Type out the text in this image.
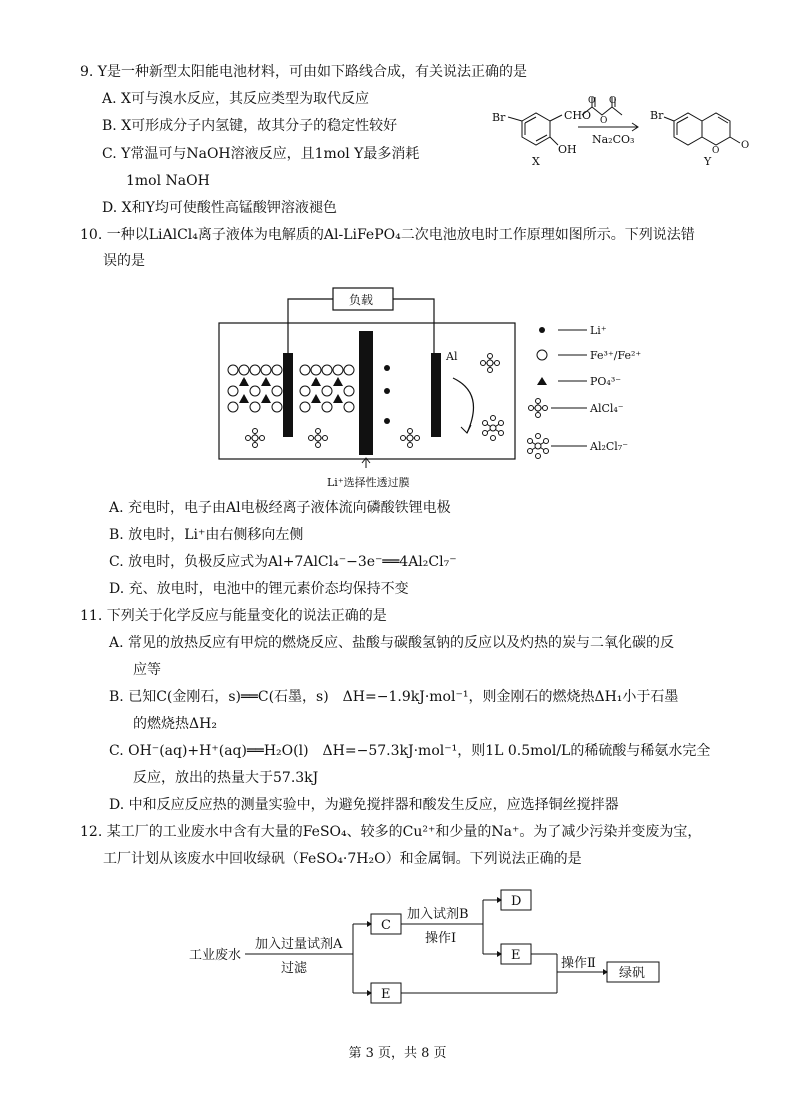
9. Y是一种新型太阳能电池材料，可由如下路线合成，有关说法正确的是
A. X可与溴水反应，其反应类型为取代反应
B. X可形成分子内氢键，故其分子的稳定性较好
C. Y常温可与NaOH溶液反应，且1mol Y最多消耗
1mol NaOH
D. X和Y均可使酸性高锰酸钾溶液褪色
Br	CHO
OH
X
O
O
O
Na₂CO₃
Br
O O
Y
10. 一种以LiAlCl₄离子液体为电解质的Al-LiFePO₄二次电池放电时工作原理如图所示。下列说法错
误的是
负载
Al
Li⁺选择性透过膜
Li⁺
Fe³⁺/Fe²⁺
PO₄³⁻
AlCl₄⁻
Al₂Cl₇⁻
A. 充电时，电子由Al电极经离子液体流向磷酸铁锂电极
B. 放电时，Li⁺由右侧移向左侧
C. 放电时，负极反应式为Al+7AlCl₄⁻−3e⁻══4Al₂Cl₇⁻
D. 充、放电时，电池中的锂元素价态均保持不变
11. 下列关于化学反应与能量变化的说法正确的是
A. 常见的放热反应有甲烷的燃烧反应、盐酸与碳酸氢钠的反应以及灼热的炭与二氧化碳的反
应等
B. 已知C(金刚石，s)══C(石墨，s)　ΔH=−1.9kJ·mol⁻¹，则金刚石的燃烧热ΔH₁小于石墨
的燃烧热ΔH₂
C. OH⁻(aq)+H⁺(aq)══H₂O(l)　ΔH=−57.3kJ·mol⁻¹，则1L 0.5mol/L的稀硫酸与稀氨水完全
反应，放出的热量大于57.3kJ
D. 中和反应反应热的测量实验中，为避免搅拌器和酸发生反应，应选择铜丝搅拌器
12. 某工厂的工业废水中含有大量的FeSO₄、较多的Cu²⁺和少量的Na⁺。为了减少污染并变废为宝，
工厂计划从该废水中回收绿矾（FeSO₄·7H₂O）和金属铜。下列说法正确的是
工业废水
加入过量试剂A
过滤
C
加入试剂B
操作Ⅰ
D
E
E
操作Ⅱ
绿矾
第 3 页，共 8 页
